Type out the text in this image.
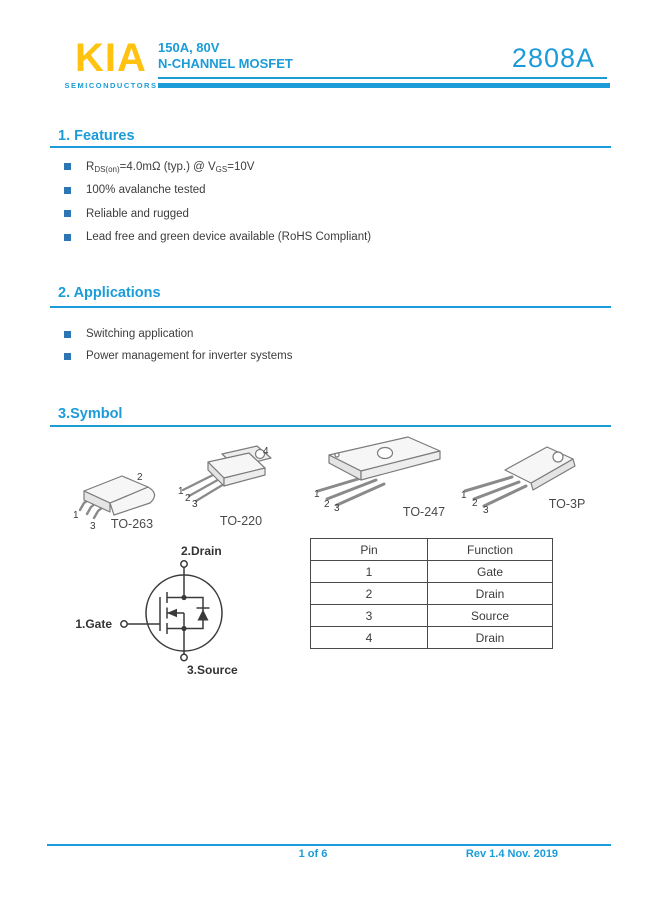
KIA
SEMICONDUCTORS
150A, 80V
N-CHANNEL MOSFET	2808A
1. Features
RDS(on)=4.0mΩ (typ.) @ VGS=10V
100% avalanche tested
Reliable and rugged
Lead free and green device available (RoHS Compliant)
2. Applications
Switching application
Power management for inverter systems
3.Symbol
1
3
2
TO-263
1
2
3
4
TO-220
1
2 3	TO-247
1
2
3	TO-3P
2.Drain
1.Gate
3.Source
Pin	Function
1	Gate
2	Drain
3	Source
4	Drain
1 of 6	Rev 1.4 Nov. 2019
